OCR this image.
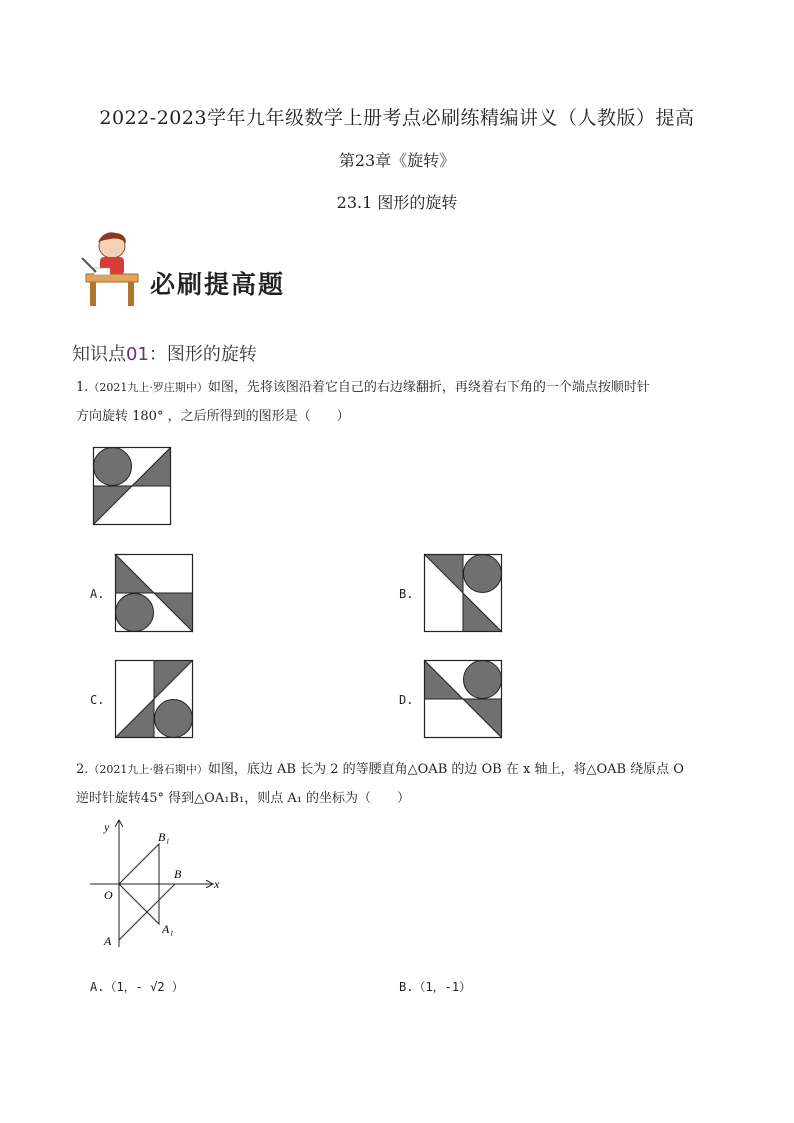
2022-2023学年九年级数学上册考点必刷练精编讲义（人教版）提高
第23章《旋转》
23.1 图形的旋转
必刷提高题
知识点01：图形的旋转
1.（2021九上·罗庄期中）如图，先将该图沿着它自己的右边缘翻折，再绕着右下角的一个端点按顺时针
方向旋转 180° ，之后所得到的图形是（　　）
A.	B.
C.	D.
2.（2021九上·磐石期中）如图，底边 AB 长为 2 的等腰直角△OAB 的边 OB 在 x 轴上，将△OAB 绕原点 O
逆时针旋转45° 得到△OA₁B₁，则点 A₁ 的坐标为（　　）
y
x
O
A
B
B₁
A₁
A.（1，- √2 ）	B.（1，-1）
